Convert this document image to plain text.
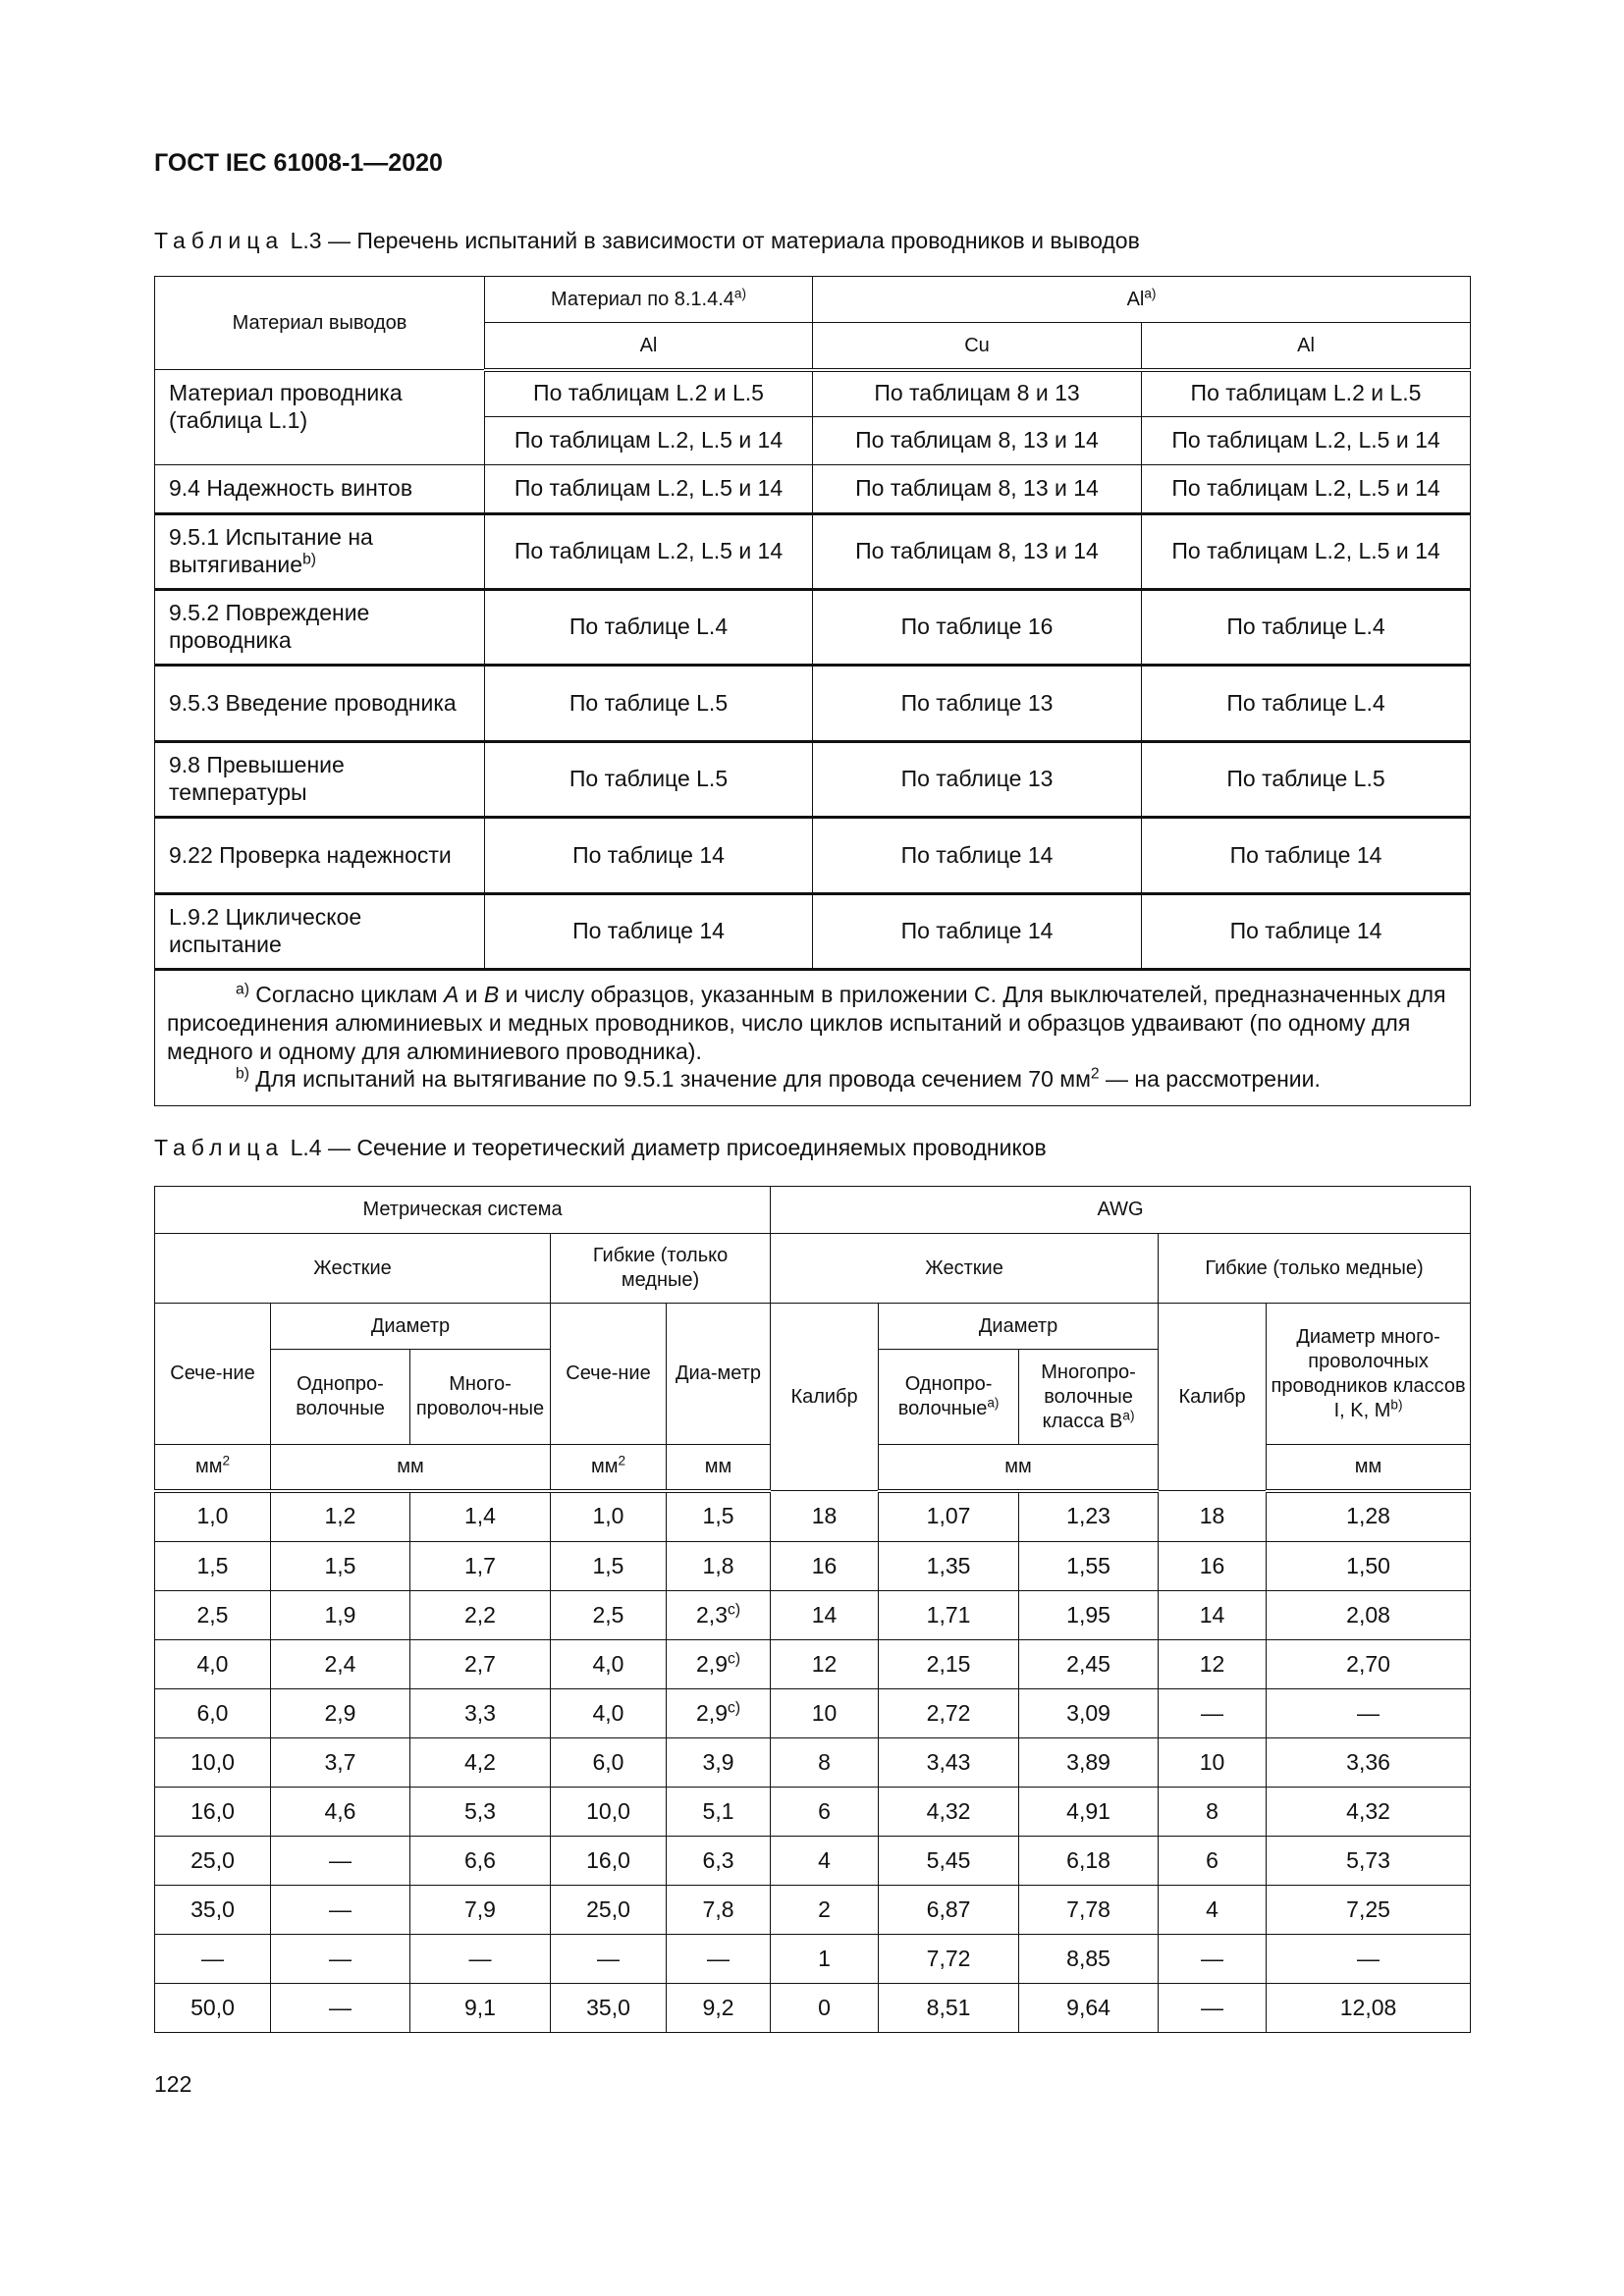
ГОСТ IEC 61008-1—2020
Таблица L.3 — Перечень испытаний в зависимости от материала проводников и выводов
Материал выводов	Материал по 8.1.4.4$^{a)}$	Al$^{a)}$
	Al	Cu	Al
Материал проводника (таблица L.1)	По таблицам L.2 и L.5	По таблицам 8 и 13	По таблицам L.2 и L.5
	По таблицам L.2, L.5 и 14	По таблицам 8, 13 и 14	По таблицам L.2, L.5 и 14
9.4 Надежность винтов	По таблицам L.2, L.5 и 14	По таблицам 8, 13 и 14	По таблицам L.2, L.5 и 14
9.5.1 Испытание на вытягивание$^{b)}$	По таблицам L.2, L.5 и 14	По таблицам 8, 13 и 14	По таблицам L.2, L.5 и 14
9.5.2 Повреждение проводника	По таблице L.4	По таблице 16	По таблице L.4
9.5.3 Введение проводника	По таблице L.5	По таблице 13	По таблице L.4
9.8 Превышение температуры	По таблице L.5	По таблице 13	По таблице L.5
9.22 Проверка надежности	По таблице 14	По таблице 14	По таблице 14
L.9.2 Циклическое испытание	По таблице 14	По таблице 14	По таблице 14

$^{a)}$ Согласно циклам A и B и числу образцов, указанным в приложении С. Для выключателей, предназначенных для присоединения алюминиевых и медных проводников, число циклов испытаний и образцов удваивают (по одному для медного и одному для алюминиевого проводника).

$^{b)}$ Для испытаний на вытягивание по 9.5.1 значение для провода сечением 70 $мм^2$ — на рассмотрении.			

Таблица L.4 — Сечение и теоретический диаметр присоединяемых проводников
Метрическая система					AWG				
Жесткие			Гибкие (только медные)		Жесткие			Гибкие (только медные)	
Сече-ние	Диаметр		Сече-ние	Диа-метр	Калибр	Диаметр		Калибр	Диаметр много-проволочных проводников классов I, K, $M^{b)}$
	Однопро-волочные	Много-проволоч-ные				Однопро-волочные$^{a)}$	Многопро-волочные класса $B^{a)}$
$мм^2$	мм		$мм^2$	мм		мм			мм
1,0	1,2	1,4	1,0	1,5	18	1,07	1,23	18	1,28
1,5	1,5	1,7	1,5	1,8	16	1,35	1,55	16	1,50
2,5	1,9	2,2	2,5	2,3$^{c)}$	14	1,71	1,95	14	2,08
4,0	2,4	2,7	4,0	2,9$^{c)}$	12	2,15	2,45	12	2,70
6,0	2,9	3,3	4,0	2,9$^{c)}$	10	2,72	3,09	—	—
10,0	3,7	4,2	6,0	3,9	8	3,43	3,89	10	3,36
16,0	4,6	5,3	10,0	5,1	6	4,32	4,91	8	4,32
25,0	—	6,6	16,0	6,3	4	5,45	6,18	6	5,73
35,0	—	7,9	25,0	7,8	2	6,87	7,78	4	7,25
—	—	—	—	—	1	7,72	8,85	—	—
50,0	—	9,1	35,0	9,2	0	8,51	9,64	—	12,08
122
